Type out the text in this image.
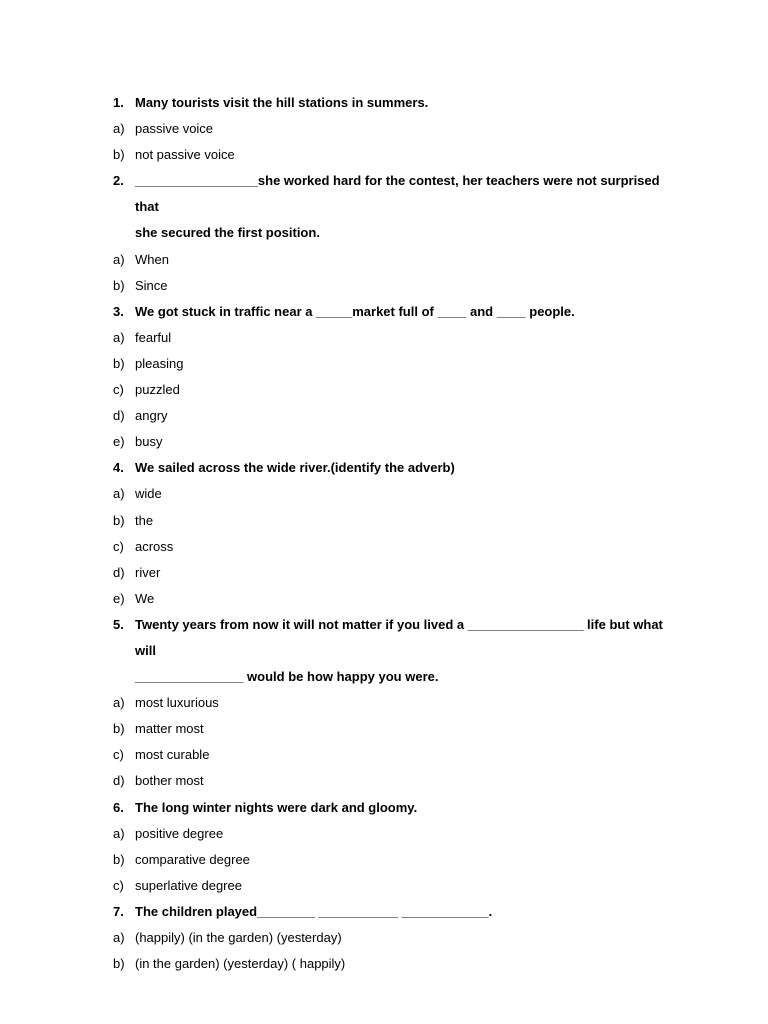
1. Many tourists visit the hill stations in summers.
a) passive voice
b) not passive voice
2. _________________she worked hard for the contest, her teachers were not surprised that
she secured the first position.
a) When
b) Since
3. We got stuck in traffic near a _____market full of ____ and ____ people.
a) fearful
b) pleasing
c) puzzled
d) angry
e) busy
4. We sailed across the wide river.(identify the adverb)
a) wide
b) the
c) across
d) river
e) We
5. Twenty years from now it will not matter if you lived a ________________ life but what will
_______________ would be how happy you were.
a) most luxurious
b) matter most
c) most curable
d) bother most
6. The long winter nights were dark and gloomy.
a) positive degree
b) comparative degree
c) superlative degree
7. The children played________ ___________ ____________.
a) (happily) (in the garden) (yesterday)
b) (in the garden) (yesterday) ( happily)
